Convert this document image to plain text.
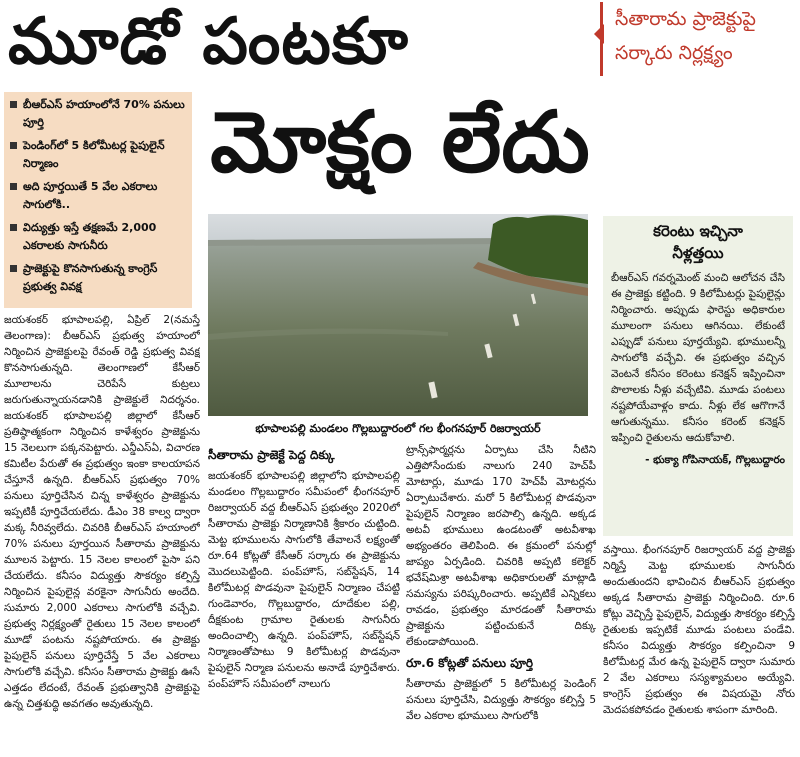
మూడో పంటకూ	సీతారామ ప్రాజెక్టుపై
సర్కారు నిర్లక్ష్యం
మోక్షం లేదు
బీఆర్‌ఎస్ హయాంలోనే 70% పనులు పూర్తి
పెండింగ్‌లో 5 కిలోమీటర్ల పైపులైన్ నిర్మాణం
అది పూర్తయితే 5 వేల ఎకరాలు సాగులోకి..
విద్యుత్తు ఇస్తే తక్షణమే 2,000 ఎకరాలకు సాగునీరు
ప్రాజెక్టుపై కొనసాగుతున్న కాంగ్రెస్ ప్రభుత్వ వివక్ష
భూపాలపల్లి మండలం గొల్లబుద్దారంలో గల భీంగనపూర్ రిజర్వాయర్
కరెంటు ఇచ్చినా
నీళ్లత్తయి
బీఆర్ఎస్ గవర్నమెంట్ మంచి ఆలోచన చేసి ఈ ప్రాజెక్టు కట్టింది. 9 కిలోమీటర్లు పైపులైన్లు నిర్మించారు. అప్పుడు ఫారెస్టు అధికారుల మూలంగా పనులు ఆగినయి. లేకుంటే ఎప్పుడో పనులు పూర్తయ్యేవి. భూములన్నీ సాగులోకి వచ్చేవి. ఈ ప్రభుత్వం వచ్చిన వెంటనే కనీసం కరెంటు కనెక్షన్ ఇప్పించినా పొలాలకు నీళ్లు వచ్చేటివి. మూడు పంటలు నష్టపోయేవాళ్లం కాదు. నీళ్లు లేక ఆగొగానే ఆగుతున్నము. కనీసం కరెంట్ కనెక్షన్ ఇప్పించి రైతులను ఆదుకోవాలి.
- భుక్యా గోపినాయక్, గొల్లబుద్దారం
జయశంకర్ భూపాలపల్లి, ఏప్రిల్ 2(నమస్తే తెలంగాణ): బీఆర్ఎస్ ప్రభుత్వ హయాంలో నిర్మించిన ప్రాజెక్టులపై రేవంత్ రెడ్డి ప్రభుత్వ వివక్ష కొనసాగుతున్నది. తెలంగాణలో కేసీఆర్ మూలాలను చెరిపేసే కుట్రలు జరుగుతున్నాయనడానికి ప్రాజెక్టులే నిదర్శనం. జయశంకర్ భూపాలపల్లి జిల్లాలో కేసీఆర్ ప్రతిష్ఠాత్మకంగా నిర్మించిన కాళేశ్వరం ప్రాజెక్టును 15 నెలలుగా పక్కనపెట్టారు. ఎన్డీఎస్ఏ, విచారణ కమిటీల పేరుతో ఈ ప్రభుత్వం ఇంకా కాలయాపన చేస్తూనే ఉన్నది. బీఆర్ఎస్ ప్రభుత్వం 70% పనులు పూర్తిచేసిన చిన్న కాళేశ్వరం ప్రాజెక్టును ఇప్పటికీ పూర్తిచేయలేదు. డీఎం 38 కాల్వ ద్వారా మక్క నీరివ్వలేదు. చివరికి బీఆర్ఎస్ హయాంలో 70% పనులు పూర్తయిన సీతారామ ప్రాజెక్టును మూలన పెట్టారు. 15 నెలల కాలంలో పైసా పని చేయలేదు. కనీసం విద్యుత్తు సౌకర్యం కల్పిస్తే నిర్మించిన పైపులైన్ల వరకైనా సాగునీరు అందేది. సుమారు 2,000 ఎకరాలు సాగులోకి వచ్చేవి. ప్రభుత్వ నిర్లక్ష్యంతో రైతులు 15 నెలల కాలంలో మూడో పంటను నష్టపోయారు. ఈ ప్రాజెక్టు పైపులైన్ పనులు పూర్తిచేస్తే 5 వేల ఎకరాలు సాగులోకి వచ్చేవి. కనీసం సీతారామ ప్రాజెక్టు ఊసే ఎత్తడం లేదంటే, రేవంత్ ప్రభుత్వానికి ప్రాజెక్టుపై ఉన్న చిత్తశుద్ధి అవగతం అవుతున్నది.
సీతారామ ప్రాజెక్టే పెద్ద దిక్కు
జయశంకర్ భూపాలపల్లి జిల్లాలోని భూపాలపల్లి మండలం గొల్లబుద్దారం సమీపంలో భీంగనపూర్ రిజర్వాయర్ వద్ద బీఆర్ఎస్ ప్రభుత్వం 2020లో సీతారామ ప్రాజెక్టు నిర్మాణానికి శ్రీకారం చుట్టింది. మెట్ట భూములను సాగులోకి తేవాలనే లక్ష్యంతో రూ.64 కోట్లతో కేసీఆర్ సర్కారు ఈ ప్రాజెక్టును మొదలుపెట్టింది. పంప్‌హౌస్, సబ్‌స్టేషన్, 14 కిలోమీటర్ల పొడవునా పైపులైన్ నిర్మాణం చేపట్టి గుండెవారం, గొల్లబుద్దారం, దూదేకుల పల్లి, దీక్షకుంట గ్రామాల రైతులకు సాగునీరు అందించాల్సి ఉన్నది. పంప్‌హౌస్, సబ్‌స్టేషన్ నిర్మాణంతోపాటు 9 కిలోమీటర్ల పొడవునా పైపులైన్ నిర్మాణ పనులను అనాడే పూర్తిచేశారు. పంప్‌హౌస్ సమీపంలో నాలుగు
ట్రాన్స్‌ఫార్మర్లను ఏర్పాటు చేసి నీటిని ఎత్తిపోసేందుకు నాలుగు 240 హెచ్‌పీ మోటార్లు, మూడు 170 హెచ్‌పీ మోటర్లను ఏర్పాటుచేశారు. మరో 5 కిలోమీటర్ల పొడవునా పైపులైన్ నిర్మాణం జరపాల్సి ఉన్నది. అక్కడ అటవీ భూములు ఉండటంతో అటవీశాఖ అభ్యంతరం తెలిపింది. ఈ క్రమంలో పనుల్లో జాప్యం ఏర్పడింది. చివరికి అప్పటి కలెక్టర్ భవేష్‌మిశ్రా అటవీశాఖ అధికారులతో మాట్లాడి సమస్యను పరిష్కరించారు. అప్పటికే ఎన్నికలు రావడం, ప్రభుత్వం మారడంతో సీతారామ ప్రాజెక్టును పట్టించుకునే దిక్కు లేకుండాపోయింది.
రూ.6 కోట్లతో పనులు పూర్తి
సీతారామ ప్రాజెక్టులో 5 కిలోమీటర్ల పెండింగ్ పనులు పూర్తిచేసి, విద్యుత్తు సౌకర్యం కల్పిస్తే 5 వేల ఎకరాల భూములు సాగులోకి
వస్తాయి. భీంగనపూర్ రిజర్వాయర్ వద్ద ప్రాజెక్టు నిర్మిస్తే మెట్ట భూములకు సాగునీరు అందుతుందని భావించిన బీఆర్ఎస్ ప్రభుత్వం అక్కడ సీతారామ ప్రాజెక్టు నిర్మించింది. రూ.6 కోట్లు వెచ్చిస్తే పైపులైన్, విద్యుత్తు సౌకర్యం కల్పిస్తే రైతులకు ఇప్పటికే మూడు పంటలు పండేవి. కనీసం విద్యుత్తు సౌకర్యం కల్పించినా 9 కిలోమీటర్ల మేర ఉన్న పైపులైన్ ద్వారా సుమారు 2 వేల ఎకరాలు సస్యశ్యామలం అయ్యేవి. కాంగ్రెస్ ప్రభుత్వం ఈ విషయమై నోరు మెదపకపోవడం రైతులకు శాపంగా మారింది.
